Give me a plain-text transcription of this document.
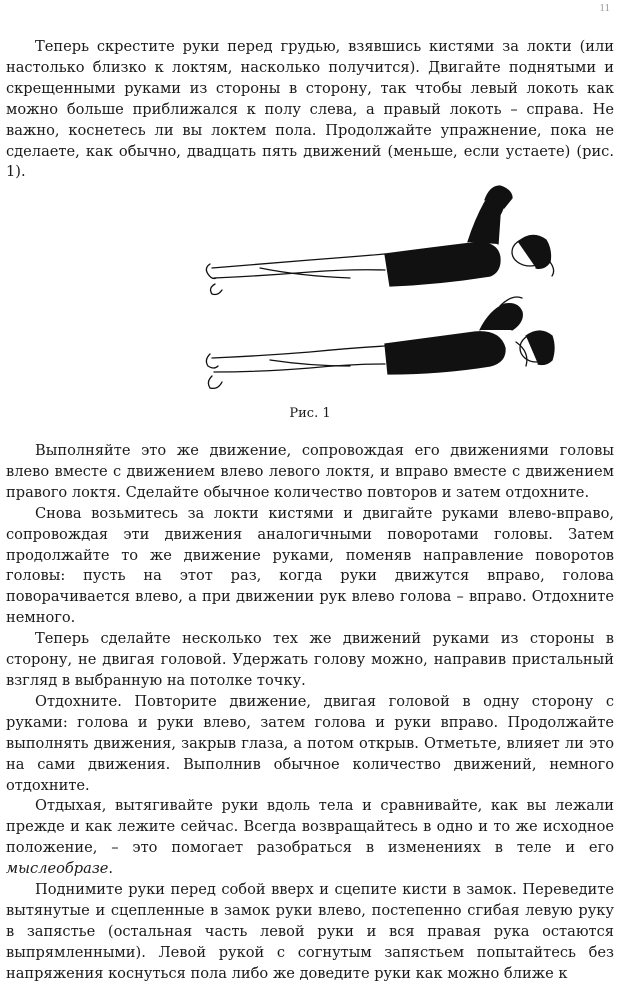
11

Теперь скрестите руки перед грудью, взявшись кистями за локти (или настолько близко к локтям, насколько получится). Двигайте поднятыми и скрещенными руками из стороны в сторону, так чтобы левый локоть как можно больше приближался к полу слева, а правый локоть – справа. Не важно, коснетесь ли вы локтем пола. Продолжайте упражнение, пока не сделаете, как обычно, двадцать пять движений (меньше, если устаете) (рис. 1).

Рис. 1

Выполняйте это же движение, сопровождая его движениями головы влево вместе с движением влево левого локтя, и вправо вместе с движением правого локтя. Сделайте обычное количество повторов и затем отдохните.

Снова возьмитесь за локти кистями и двигайте руками влево-вправо, сопровождая эти движения аналогичными поворотами головы. Затем продолжайте то же движение руками, поменяв направление поворотов головы: пусть на этот раз, когда руки движутся вправо, голова поворачивается влево, а при движении рук влево голова – вправо. Отдохните немного.

Теперь сделайте несколько тех же движений руками из стороны в сторону, не двигая головой. Удержать голову можно, направив пристальный взгляд в выбранную на потолке точку.

Отдохните. Повторите движение, двигая головой в одну сторону с руками: голова и руки влево, затем голова и руки вправо. Продолжайте выполнять движения, закрыв глаза, а потом открыв. Отметьте, влияет ли это на сами движения. Выполнив обычное количество движений, немного отдохните.

Отдыхая, вытягивайте руки вдоль тела и сравнивайте, как вы лежали прежде и как лежите сейчас. Всегда возвращайтесь в одно и то же исходное положение, – это помогает разобраться в изменениях в теле и его мыслеобразе.

Поднимите руки перед собой вверх и сцепите кисти в замок. Переведите вытянутые и сцепленные в замок руки влево, постепенно сгибая левую руку в запястье (остальная часть левой руки и вся правая рука остаются выпрямленными). Левой рукой с согнутым запястьем попытайтесь без напряжения коснуться пола либо же доведите руки как можно ближе к
